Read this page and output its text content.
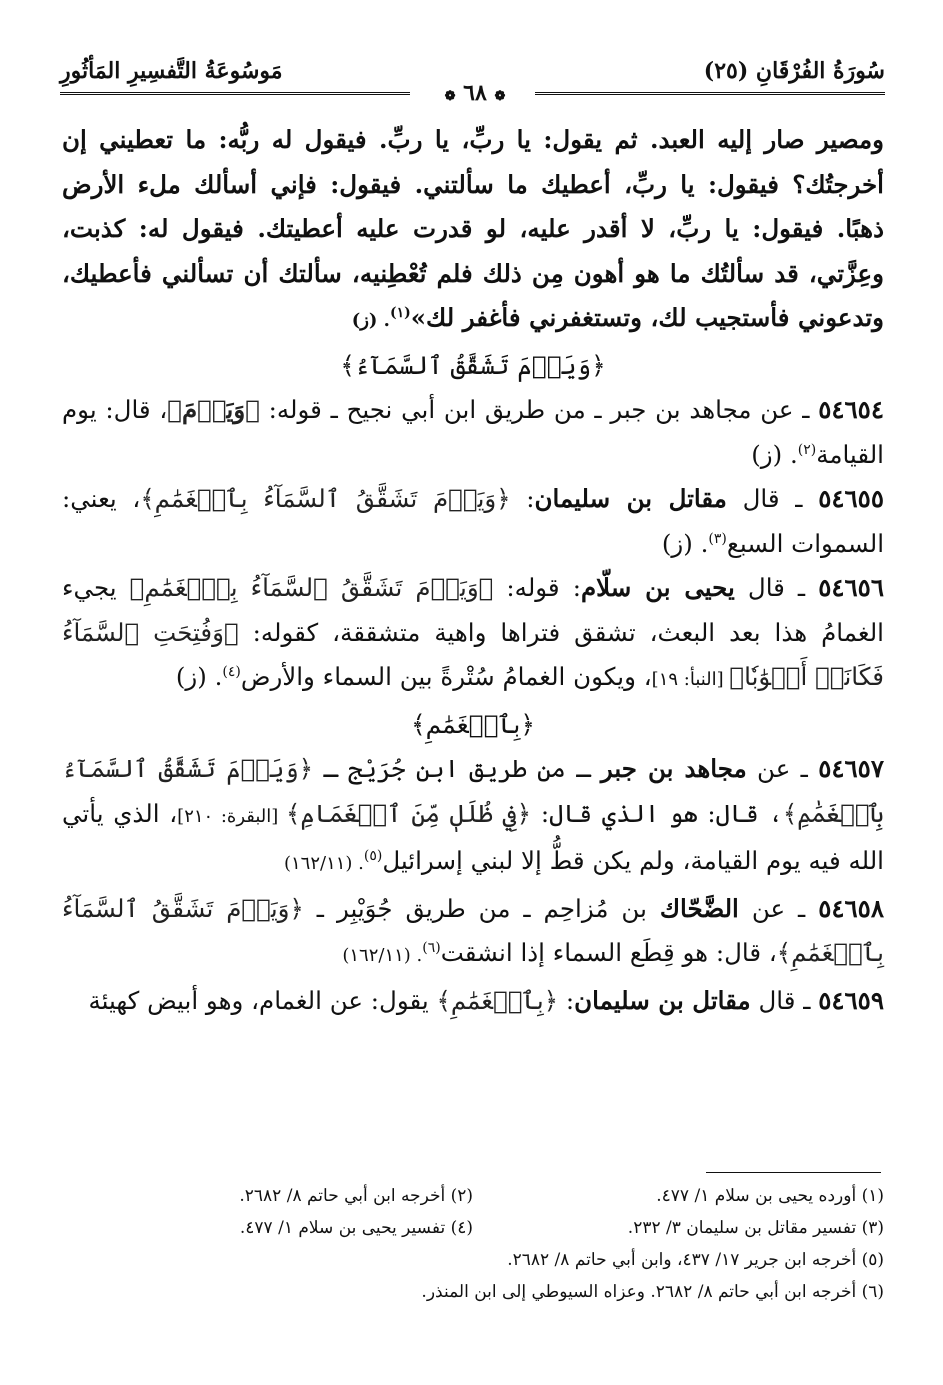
سُورَةُ الفُرْقَانِ (٢٥)
❁ ٦٨ ❁
مَوسُوعَةُ التَّفسِيرِ المَأثُورِ

ومصير صار إليه العبد. ثم يقول: يا ربِّ، يا ربِّ. فيقول له ربُّه: ما تعطيني إن أخرجتُك؟ فيقول: يا ربِّ، أعطيك ما سألتني. فيقول: فإني أسألك ملء الأرض ذهبًا. فيقول: يا ربِّ، لا أقدر عليه، لو قدرت عليه أعطيتك. فيقول له: كذبت، وعِزَّتي، قد سألتُك ما هو أهون مِن ذلك فلم تُعْطِنيه، سألتك أن تسألني فأعطيك، وتدعوني فأستجيب لك، وتستغفرني فأغفر لك»$^{(١)}$. (ز)

﴿وَيَوۡمَ تَشَقَّقُ ٱلسَّمَآءُ﴾

٥٤٦٥٤ ـ عن مجاهد بن جبر ـ من طريق ابن أبي نجيح ـ قوله: ﴿وَيَوۡمَ﴾، قال: يوم القيامة$^{(٢)}$. (ز)

٥٤٦٥٥ ـ قال مقاتل بن سليمان: ﴿وَيَوۡمَ تَشَقَّقُ ٱلسَّمَآءُ بِٱلۡغَمَٰمِ﴾، يعني: السموات السبع$^{(٣)}$. (ز)

٥٤٦٥٦ ـ قال يحيى بن سلّام: قوله: ﴿وَيَوۡمَ تَشَقَّقُ ٱلسَّمَآءُ بِٱلۡغَمَٰمِ﴾ يجيء الغمامُ هذا بعد البعث، تشقق فتراها واهية متشققة، كقوله: ﴿وَفُتِحَتِ ٱلسَّمَآءُ فَكَانَتۡ أَبۡوَٰبٗا﴾ [النبأ: ١٩]، ويكون الغمامُ سُتْرةً بين السماء والأرض$^{(٤)}$. (ز)

﴿بِٱلۡغَمَٰمِ﴾

٥٤٦٥٧ ـ عن مجاهد بن جبر ـ من طريق ابن جُرَيْج ـ ﴿وَيَوۡمَ تَشَقَّقُ ٱلسَّمَآءُ بِٱلۡغَمَٰمِ﴾، قال: هو الذي قال: ﴿فِي ظُلَلٖ مِّنَ ٱلۡغَمَامِ﴾ [البقرة: ٢١٠]، الذي يأتي الله فيه يوم القيامة، ولم يكن قطُّ إلا لبني إسرائيل$^{(٥)}$. (١٦٢/١١)

٥٤٦٥٨ ـ عن الضَّحّاك بن مُزاحِم ـ من طريق جُوَيْبِر ـ ﴿وَيَوۡمَ تَشَقَّقُ ٱلسَّمَآءُ بِٱلۡغَمَٰمِ﴾، قال: هو قِطَع السماء إذا انشقت$^{(٦)}$. (١٦٢/١١)

٥٤٦٥٩ ـ قال مقاتل بن سليمان: ﴿بِٱلۡغَمَٰمِ﴾ يقول: عن الغمام، وهو أبيض كهيئة

(١) أورده يحيى بن سلام ١/ ٤٧٧.
(٢) أخرجه ابن أبي حاتم ٨/ ٢٦٨٢.
(٣) تفسير مقاتل بن سليمان ٣/ ٢٣٢.
(٤) تفسير يحيى بن سلام ١/ ٤٧٧.
(٥) أخرجه ابن جرير ١٧/ ٤٣٧، وابن أبي حاتم ٨/ ٢٦٨٢.
(٦) أخرجه ابن أبي حاتم ٨/ ٢٦٨٢. وعزاه السيوطي إلى ابن المنذر.
